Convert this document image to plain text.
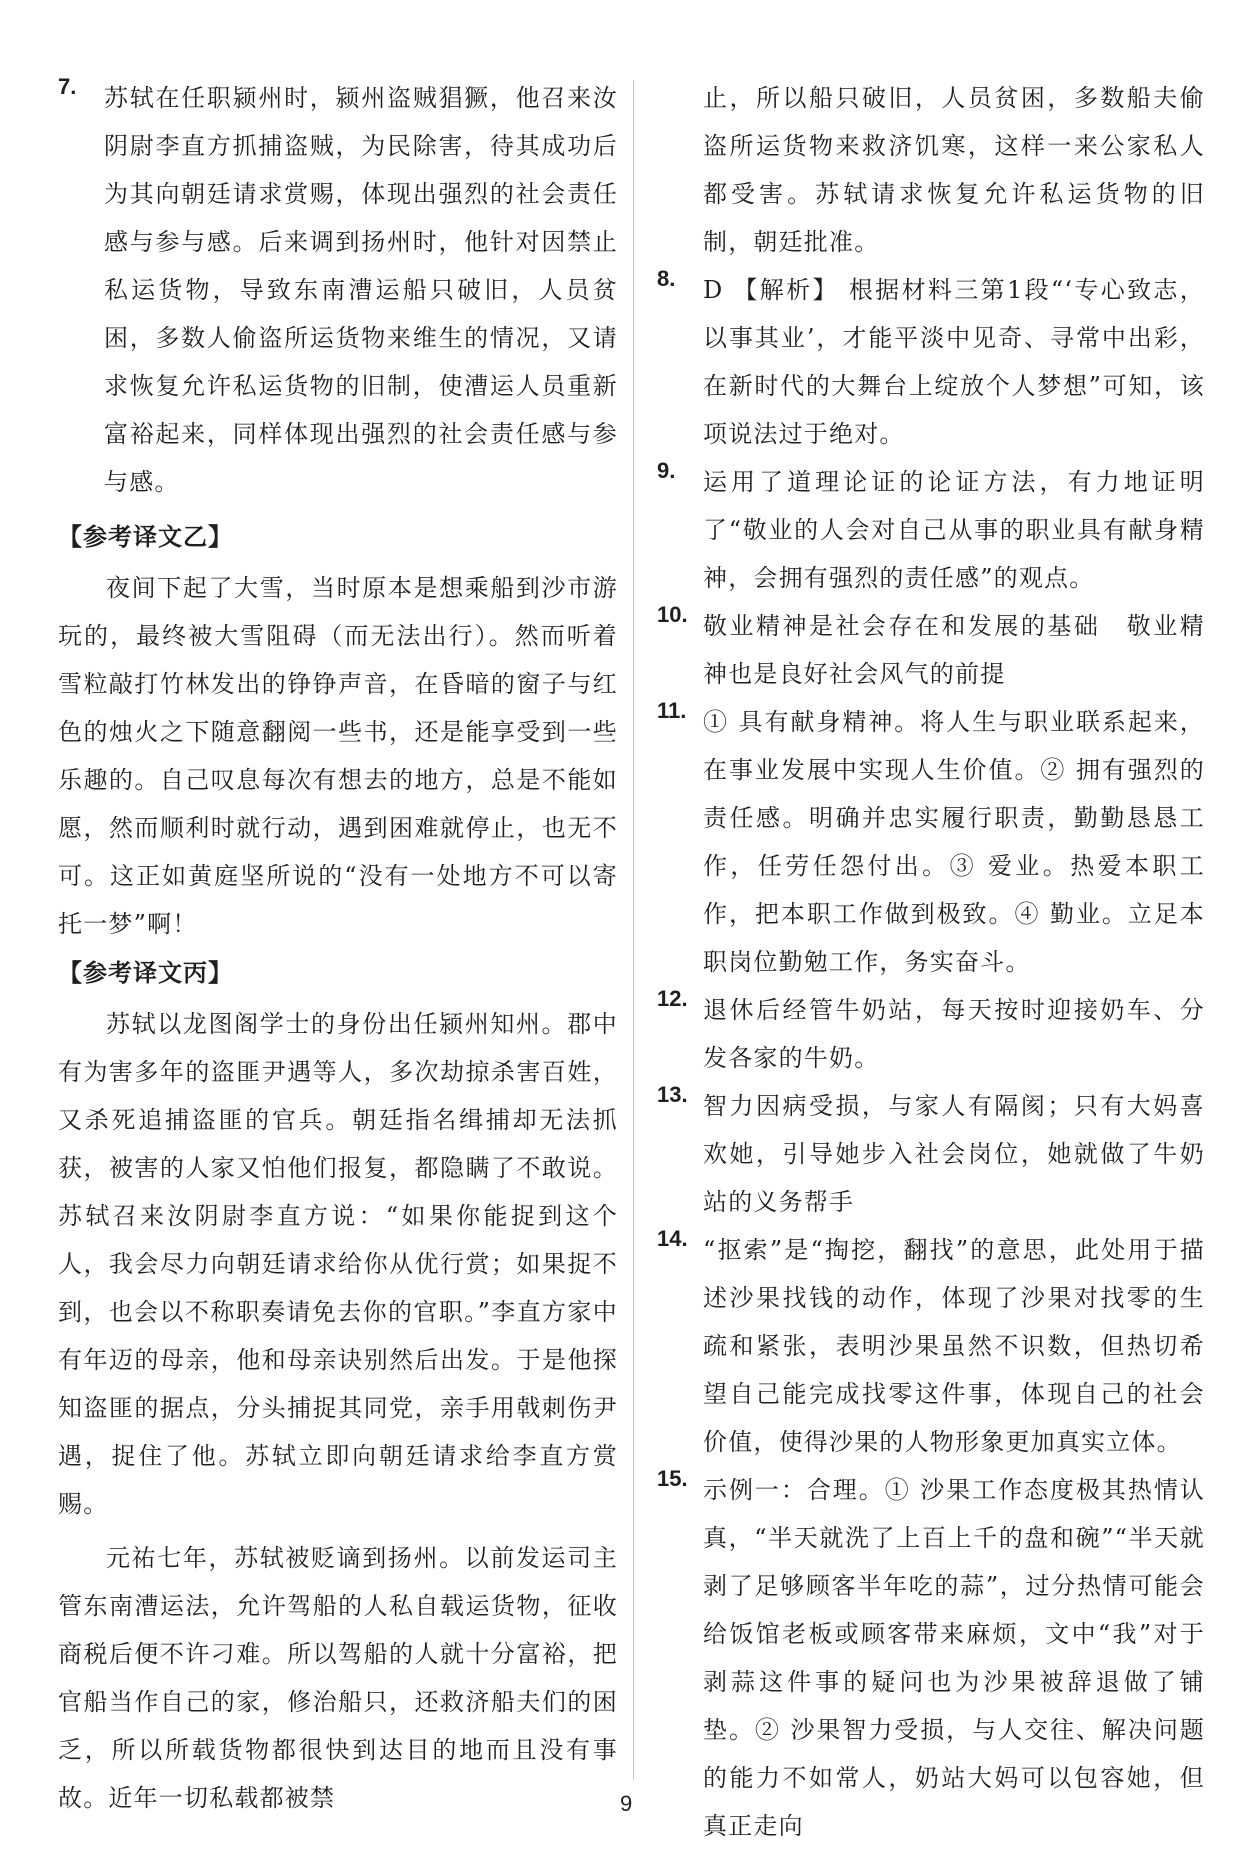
7. 苏轼在任职颍州时，颍州盗贼猖獗，他召来汝阴尉李直方抓捕盗贼，为民除害，待其成功后为其向朝廷请求赏赐，体现出强烈的社会责任感与参与感。后来调到扬州时，他针对因禁止私运货物，导致东南漕运船只破旧，人员贫困，多数人偷盗所运货物来维生的情况，又请求恢复允许私运货物的旧制，使漕运人员重新富裕起来，同样体现出强烈的社会责任感与参与感。

【参考译文乙】

夜间下起了大雪，当时原本是想乘船到沙市游玩的，最终被大雪阻碍（而无法出行）。然而听着雪粒敲打竹林发出的铮铮声音，在昏暗的窗子与红色的烛火之下随意翻阅一些书，还是能享受到一些乐趣的。自己叹息每次有想去的地方，总是不能如愿，然而顺利时就行动，遇到困难就停止，也无不可。这正如黄庭坚所说的“没有一处地方不可以寄托一梦”啊！

【参考译文丙】

苏轼以龙图阁学士的身份出任颍州知州。郡中有为害多年的盗匪尹遇等人，多次劫掠杀害百姓，又杀死追捕盗匪的官兵。朝廷指名缉捕却无法抓获，被害的人家又怕他们报复，都隐瞒了不敢说。苏轼召来汝阴尉李直方说：“如果你能捉到这个人，我会尽力向朝廷请求给你从优行赏；如果捉不到，也会以不称职奏请免去你的官职。”李直方家中有年迈的母亲，他和母亲诀别然后出发。于是他探知盗匪的据点，分头捕捉其同党，亲手用戟刺伤尹遇，捉住了他。苏轼立即向朝廷请求给李直方赏赐。

元祐七年，苏轼被贬谪到扬州。以前发运司主管东南漕运法，允许驾船的人私自载运货物，征收商税后便不许刁难。所以驾船的人就十分富裕，把官船当作自己的家，修治船只，还救济船夫们的困乏，所以所载货物都很快到达目的地而且没有事故。近年一切私载都被禁

止，所以船只破旧，人员贫困，多数船夫偷盗所运货物来救济饥寒，这样一来公家私人都受害。苏轼请求恢复允许私运货物的旧制，朝廷批准。

8. D 【解析】 根据材料三第1段“‘专心致志，以事其业’，才能平淡中见奇、寻常中出彩，在新时代的大舞台上绽放个人梦想”可知，该项说法过于绝对。

9. 运用了道理论证的论证方法，有力地证明了“敬业的人会对自己从事的职业具有献身精神，会拥有强烈的责任感”的观点。

10. 敬业精神是社会存在和发展的基础　敬业精神也是良好社会风气的前提

11. ① 具有献身精神。将人生与职业联系起来，在事业发展中实现人生价值。② 拥有强烈的责任感。明确并忠实履行职责，勤勤恳恳工作，任劳任怨付出。③ 爱业。热爱本职工作，把本职工作做到极致。④ 勤业。立足本职岗位勤勉工作，务实奋斗。

12. 退休后经管牛奶站，每天按时迎接奶车、分发各家的牛奶。

13. 智力因病受损，与家人有隔阂；只有大妈喜欢她，引导她步入社会岗位，她就做了牛奶站的义务帮手

14. “抠索”是“掏挖，翻找”的意思，此处用于描述沙果找钱的动作，体现了沙果对找零的生疏和紧张，表明沙果虽然不识数，但热切希望自己能完成找零这件事，体现自己的社会价值，使得沙果的人物形象更加真实立体。

15. 示例一：合理。① 沙果工作态度极其热情认真，“半天就洗了上百上千的盘和碗”“半天就剥了足够顾客半年吃的蒜”，过分热情可能会给饭馆老板或顾客带来麻烦，文中“我”对于剥蒜这件事的疑问也为沙果被辞退做了铺垫。② 沙果智力受损，与人交往、解决问题的能力不如常人，奶站大妈可以包容她，但真正走向

9
